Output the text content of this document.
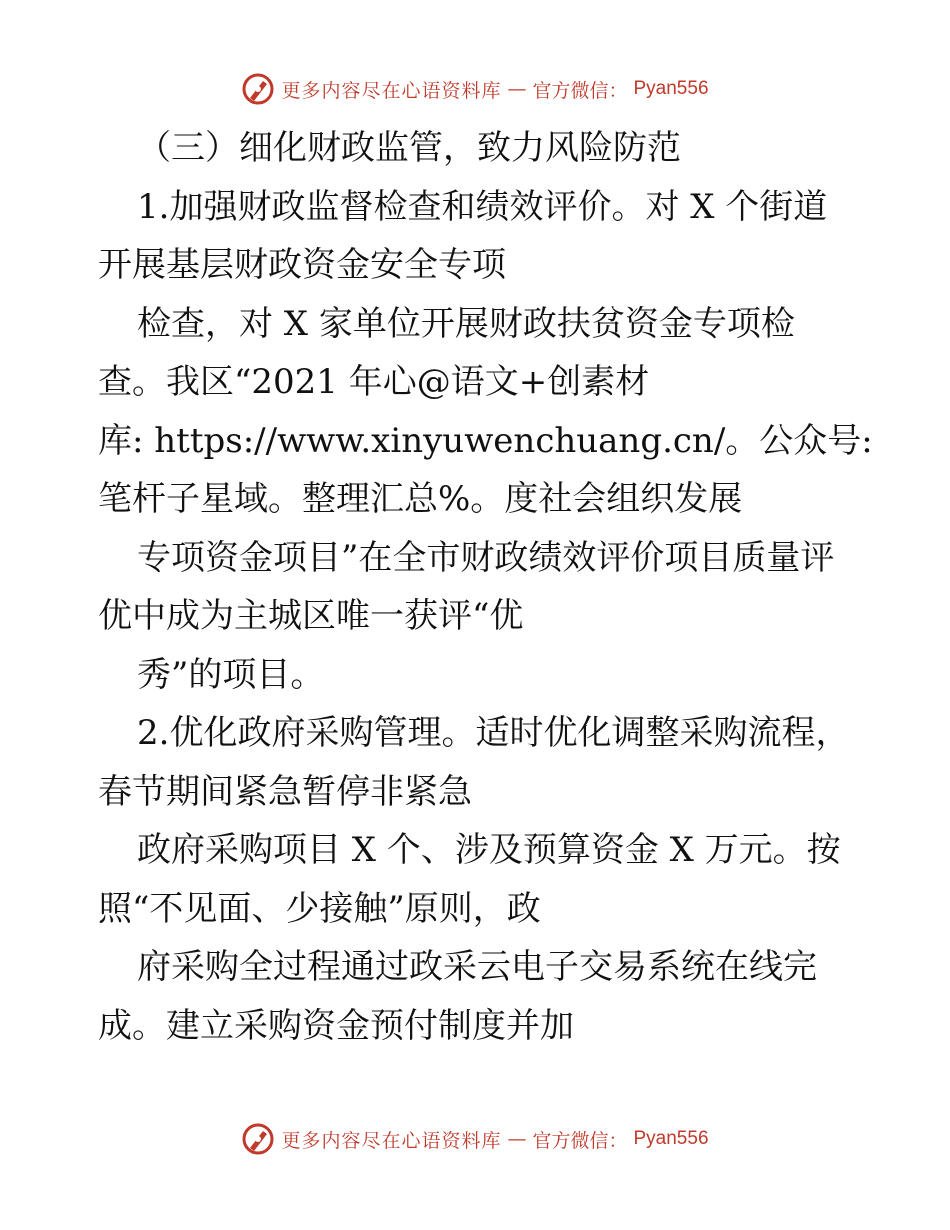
更多内容尽在心语资料库 — 官方微信： Pyan556
（三）细化财政监管，致力风险防范
1.加强财政监督检查和绩效评价。对 X 个街道
开展基层财政资金安全专项
检查，对 X 家单位开展财政扶贫资金专项检
查。我区“2021 年心@语文+创素材
库: https://www.xinyuwenchuang.cn/。公众号:
笔杆子星域。整理汇总%。度社会组织发展
专项资金项目”在全市财政绩效评价项目质量评
优中成为主城区唯一获评“优
秀”的项目。
2.优化政府采购管理。适时优化调整采购流程，
春节期间紧急暂停非紧急
政府采购项目 X 个、涉及预算资金 X 万元。按
照“不见面、少接触”原则，政
府采购全过程通过政采云电子交易系统在线完
成。建立采购资金预付制度并加
更多内容尽在心语资料库 — 官方微信： Pyan556
